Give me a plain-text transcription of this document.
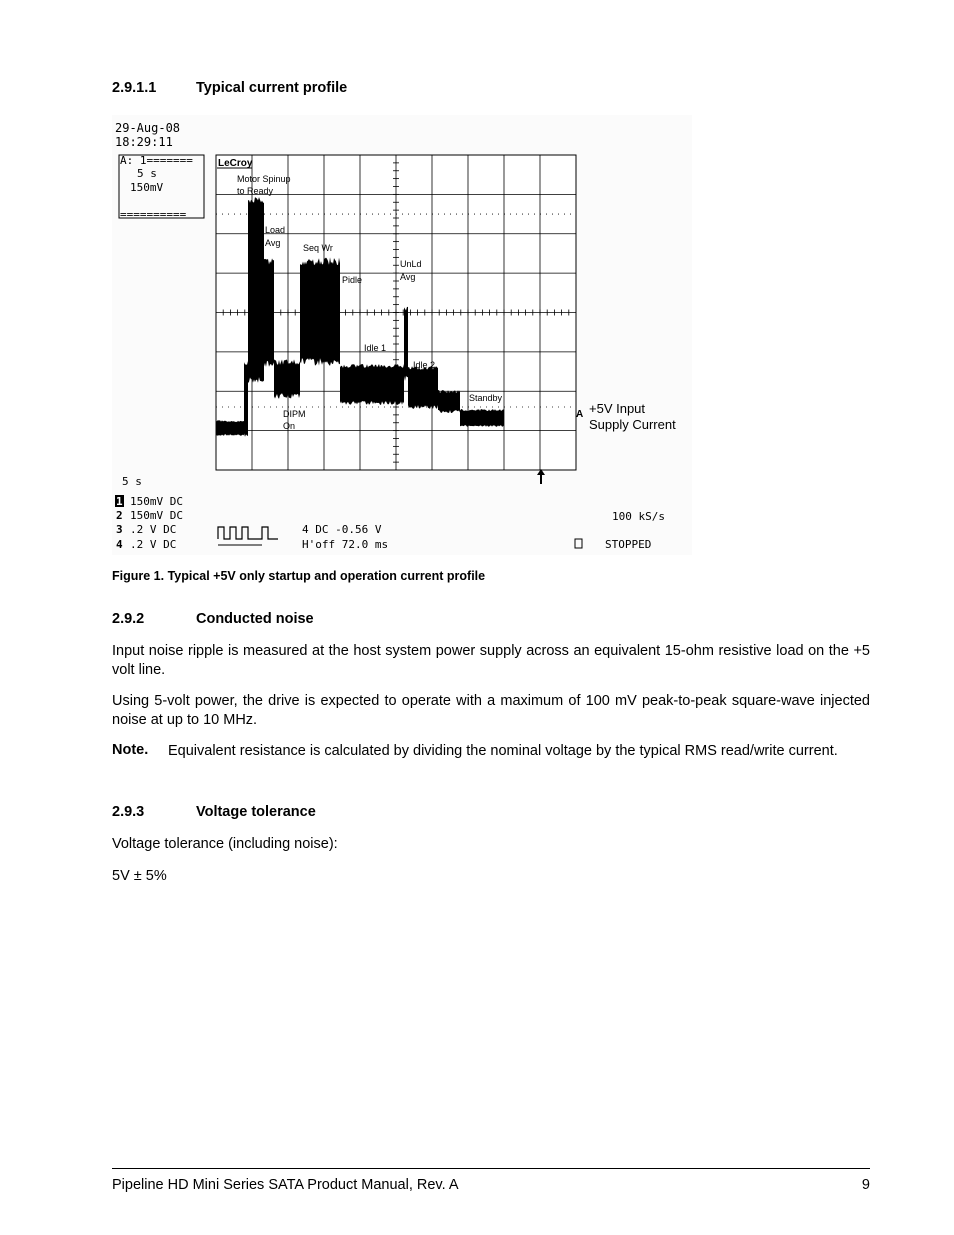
2.9.1.1	Typical current profile
29-Aug-08
18:29:11
A: 1=======
5 s
150mV
==========
LeCroy
Motor Spinup
to Ready
Load
Avg	Seq Wr
Pidle
UnLd
Avg
Idle 1
Idle 2
Standby
DIPM
On
A +5V Input
Supply Current
5 s
1 150mV DC
2 150mV DC
3 .2 V DC
4 .2 V DC
4 DC -0.56 V
H'off 72.0 ms
100 kS/s
STOPPED
Figure 1. Typical +5V only startup and operation current profile
2.9.2	Conducted noise
Input noise ripple is measured at the host system power supply across an equivalent 15-ohm resistive load on the +5 volt line.
Using 5-volt power, the drive is expected to operate with a maximum of 100 mV peak-to-peak square-wave injected noise at up to 10 MHz.
Note. Equivalent resistance is calculated by dividing the nominal voltage by the typical RMS read/write current.
2.9.3	Voltage tolerance
Voltage tolerance (including noise):
5V ± 5%
Pipeline HD Mini Series SATA Product Manual, Rev. A	9
